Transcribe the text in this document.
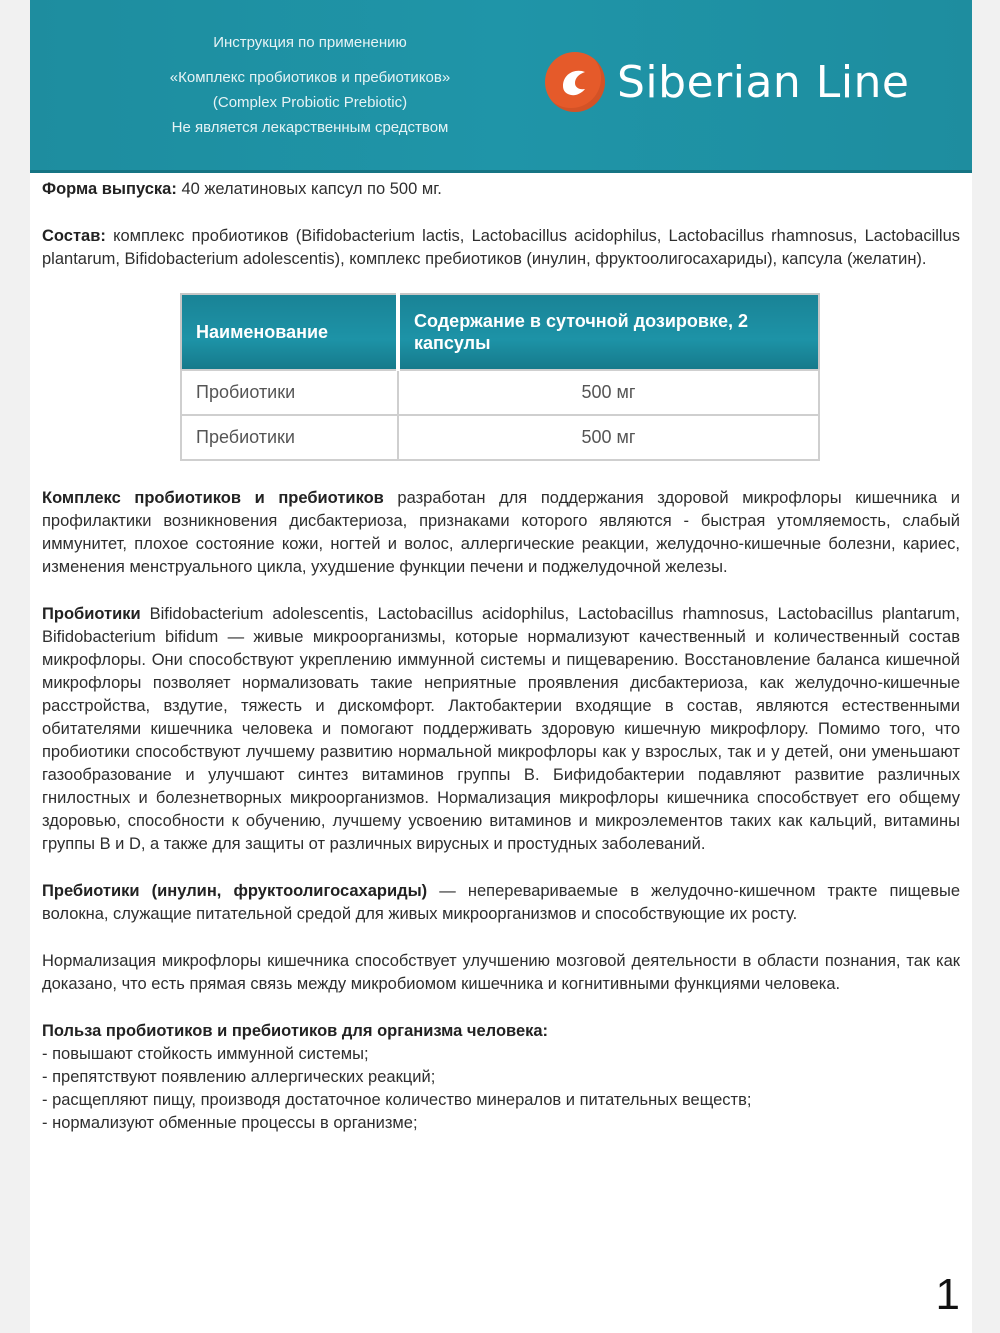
Инструкция по применению
«Комплекс пробиотиков и пребиотиков»
(Complex Probiotic Prebiotic)
Не является лекарственным средством
Siberian Line

Форма выпуска: 40 желатиновых капсул по 500 мг.

Состав: комплекс пробиотиков (Bifidobacterium lactis, Lactobacillus acidophilus, Lactobacillus rhamnosus, Lactobacillus plantarum, Bifidobacterium adolescentis), комплекс пребиотиков (инулин, фруктоолигосахариды), капсула (желатин).

Наименование	Содержание в суточной дозировке, 2 капсулы
Пробиотики	500 мг
Пребиотики	500 мг

Комплекс пробиотиков и пребиотиков разработан для поддержания здоровой микрофлоры кишечника и профилактики возникновения дисбактериоза, признаками которого являются - быстрая утомляемость, слабый иммунитет, плохое состояние кожи, ногтей и волос, аллергические реакции, желудочно-кишечные болезни, кариес, изменения менструального цикла, ухудшение функции печени и поджелудочной железы.

Пробиотики Bifidobacterium adolescentis, Lactobacillus acidophilus, Lactobacillus rhamnosus, Lactobacillus plantarum, Bifidobacterium bifidum — живые микроорганизмы, которые нормализуют качественный и количественный состав микрофлоры. Они способствуют укреплению иммунной системы и пищеварению. Восстановление баланса кишечной микрофлоры позволяет нормализовать такие неприятные проявления дисбактериоза, как желудочно-кишечные расстройства, вздутие, тяжесть и дискомфорт. Лактобактерии входящие в состав, являются естественными обитателями кишечника человека и помогают поддерживать здоровую кишечную микрофлору. Помимо того, что пробиотики способствуют лучшему развитию нормальной микрофлоры как у взрослых, так и у детей, они уменьшают газообразование и улучшают синтез витаминов группы B. Бифидобактерии подавляют развитие различных гнилостных и болезнетворных микроорганизмов. Нормализация микрофлоры кишечника способствует его общему здоровью, способности к обучению, лучшему усвоению витаминов и микроэлементов таких как кальций, витамины группы B и D, а также для защиты от различных вирусных и простудных заболеваний.

Пребиотики (инулин, фруктоолигосахариды) — неперевариваемые в желудочно-кишечном тракте пищевые волокна, служащие питательной средой для живых микроорганизмов и способствующие их росту.

Нормализация микрофлоры кишечника способствует улучшению мозговой деятельности в области познания, так как доказано, что есть прямая связь между микробиомом кишечника и когнитивными функциями человека.

Польза пробиотиков и пребиотиков для организма человека:

- повышают стойкость иммунной системы;

- препятствуют появлению аллергических реакций;

- расщепляют пищу, производя достаточное количество минералов и питательных веществ;

- нормализуют обменные процессы в организме;

1
